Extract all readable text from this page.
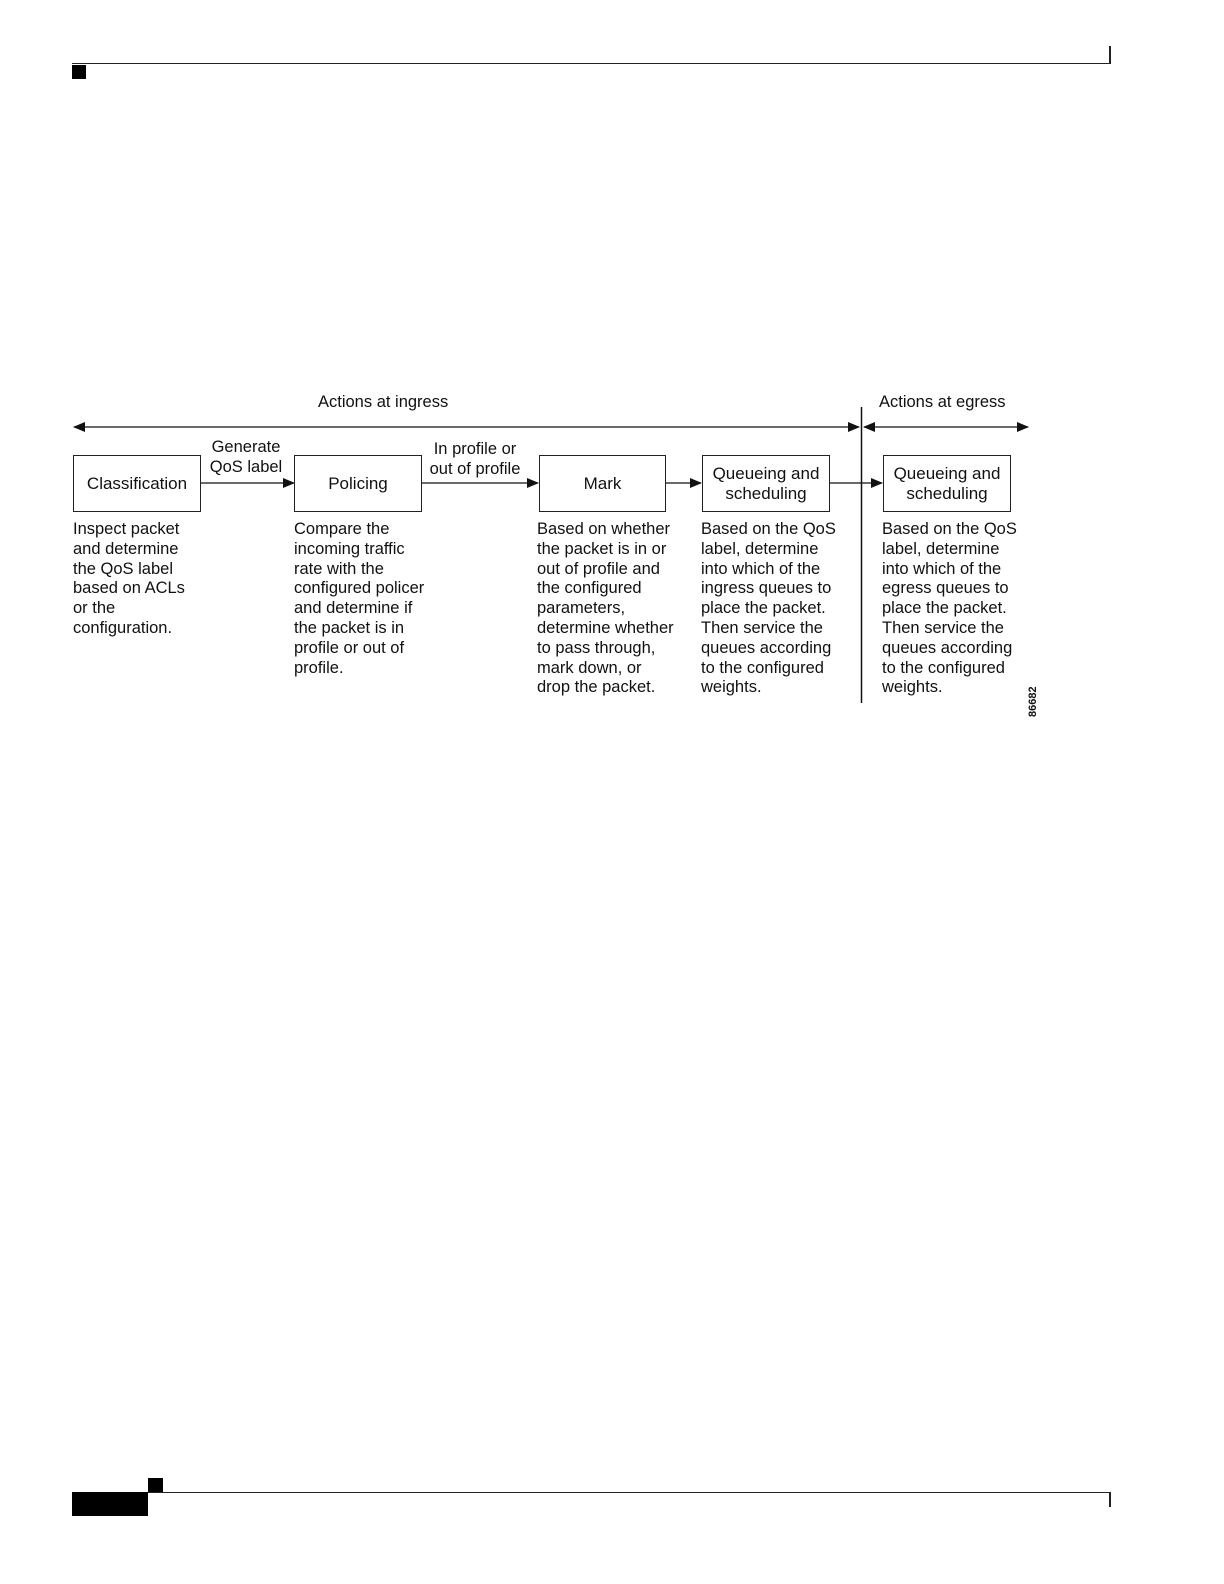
Actions at ingress	Actions at egress
Generate
QoS label
In profile or
out of profile
Classification	Policing	Mark
Queueing and
scheduling
Queueing and
scheduling
Inspect packet
and determine
the QoS label
based on ACLs
or the
configuration.
Compare the
incoming traffic
rate with the
configured policer
and determine if
the packet is in
profile or out of
profile.
Based on whether
the packet is in or
out of profile and
the configured
parameters,
determine whether
to pass through,
mark down, or
drop the packet.
Based on the QoS
label, determine
into which of the
ingress queues to
place the packet.
Then service the
queues according
to the configured
weights.
Based on the QoS
label, determine
into which of the
egress queues to
place the packet.
Then service the
queues according
to the configured
weights.	86682
